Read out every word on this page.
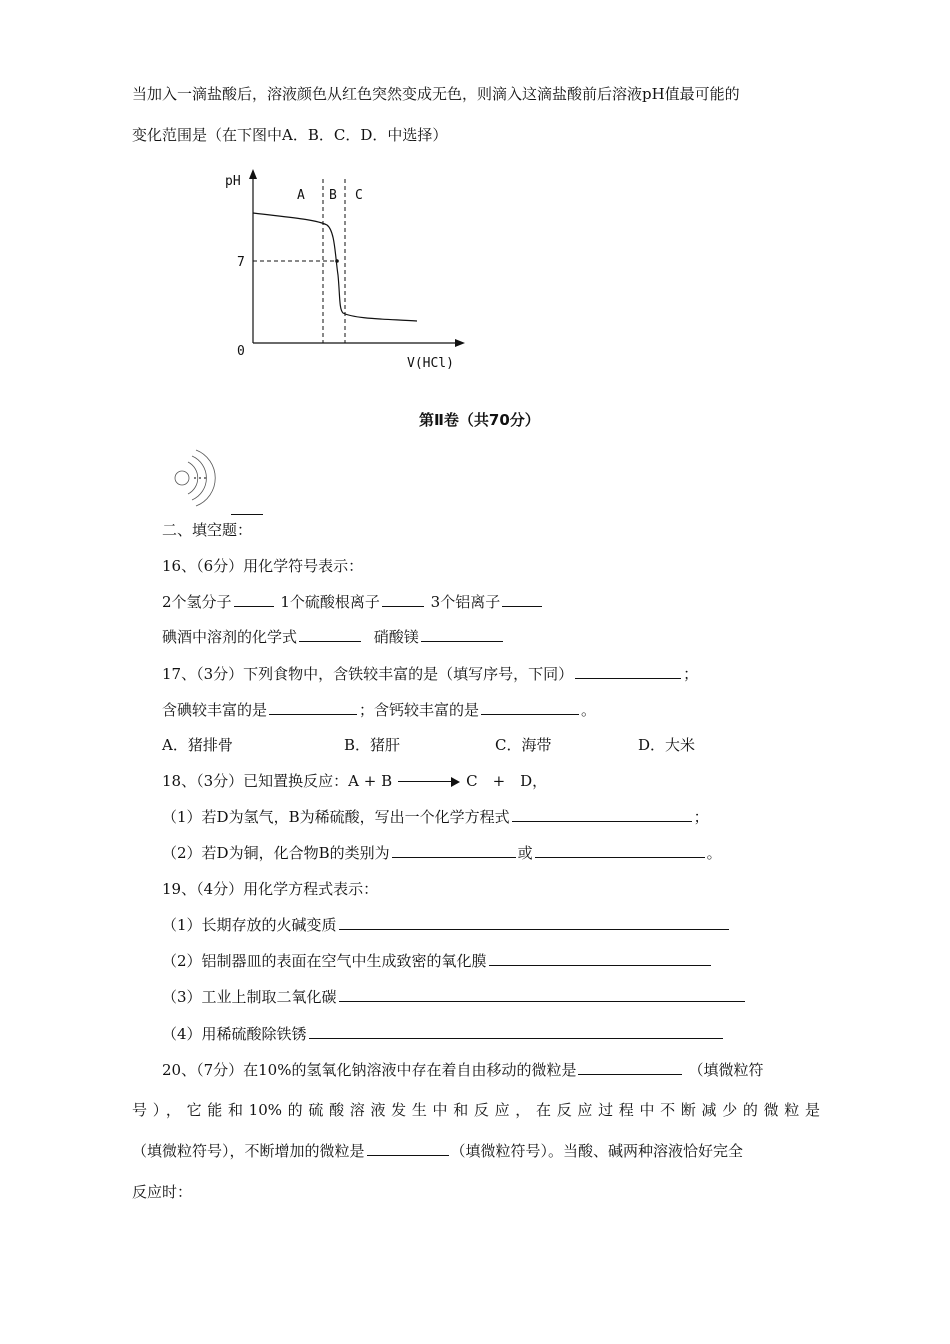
当加入一滴盐酸后，溶液颜色从红色突然变成无色，则滴入这滴盐酸前后溶液pH值最可能的
变化范围是（在下图中A．B．C．D．中选择）
pH
7
0
A B C
V(HCl)
第Ⅱ卷（共70分）
二、填空题：
16、（6分）用化学符号表示：
2个氢分子	1个硫酸根离子	3个铝离子
碘酒中溶剂的化学式	硝酸镁
17、（3分）下列食物中，含铁较丰富的是（填写序号，下同）	；
含碘较丰富的是	；含钙较丰富的是	。
A．猪排骨	B．猪肝	C．海带	D．大米
18、（3分）已知置换反应：A + B	C　+　D，
（1）若D为氢气，B为稀硫酸，写出一个化学方程式	；
（2）若D为铜，化合物B的类别为	或	。
19、（4分）用化学方程式表示：
（1）长期存放的火碱变质
（2）铝制器皿的表面在空气中生成致密的氧化膜
（3）工业上制取二氧化碳
（4）用稀硫酸除铁锈
20、（7分）在10%的氢氧化钠溶液中存在着自由移动的微粒是	（填微粒符
号），它能和10%的硫酸溶液发生中和反应，在反应过程中不断减少的微粒是
（填微粒符号），不断增加的微粒是	（填微粒符号）。当酸、碱两种溶液恰好完全
反应时：
